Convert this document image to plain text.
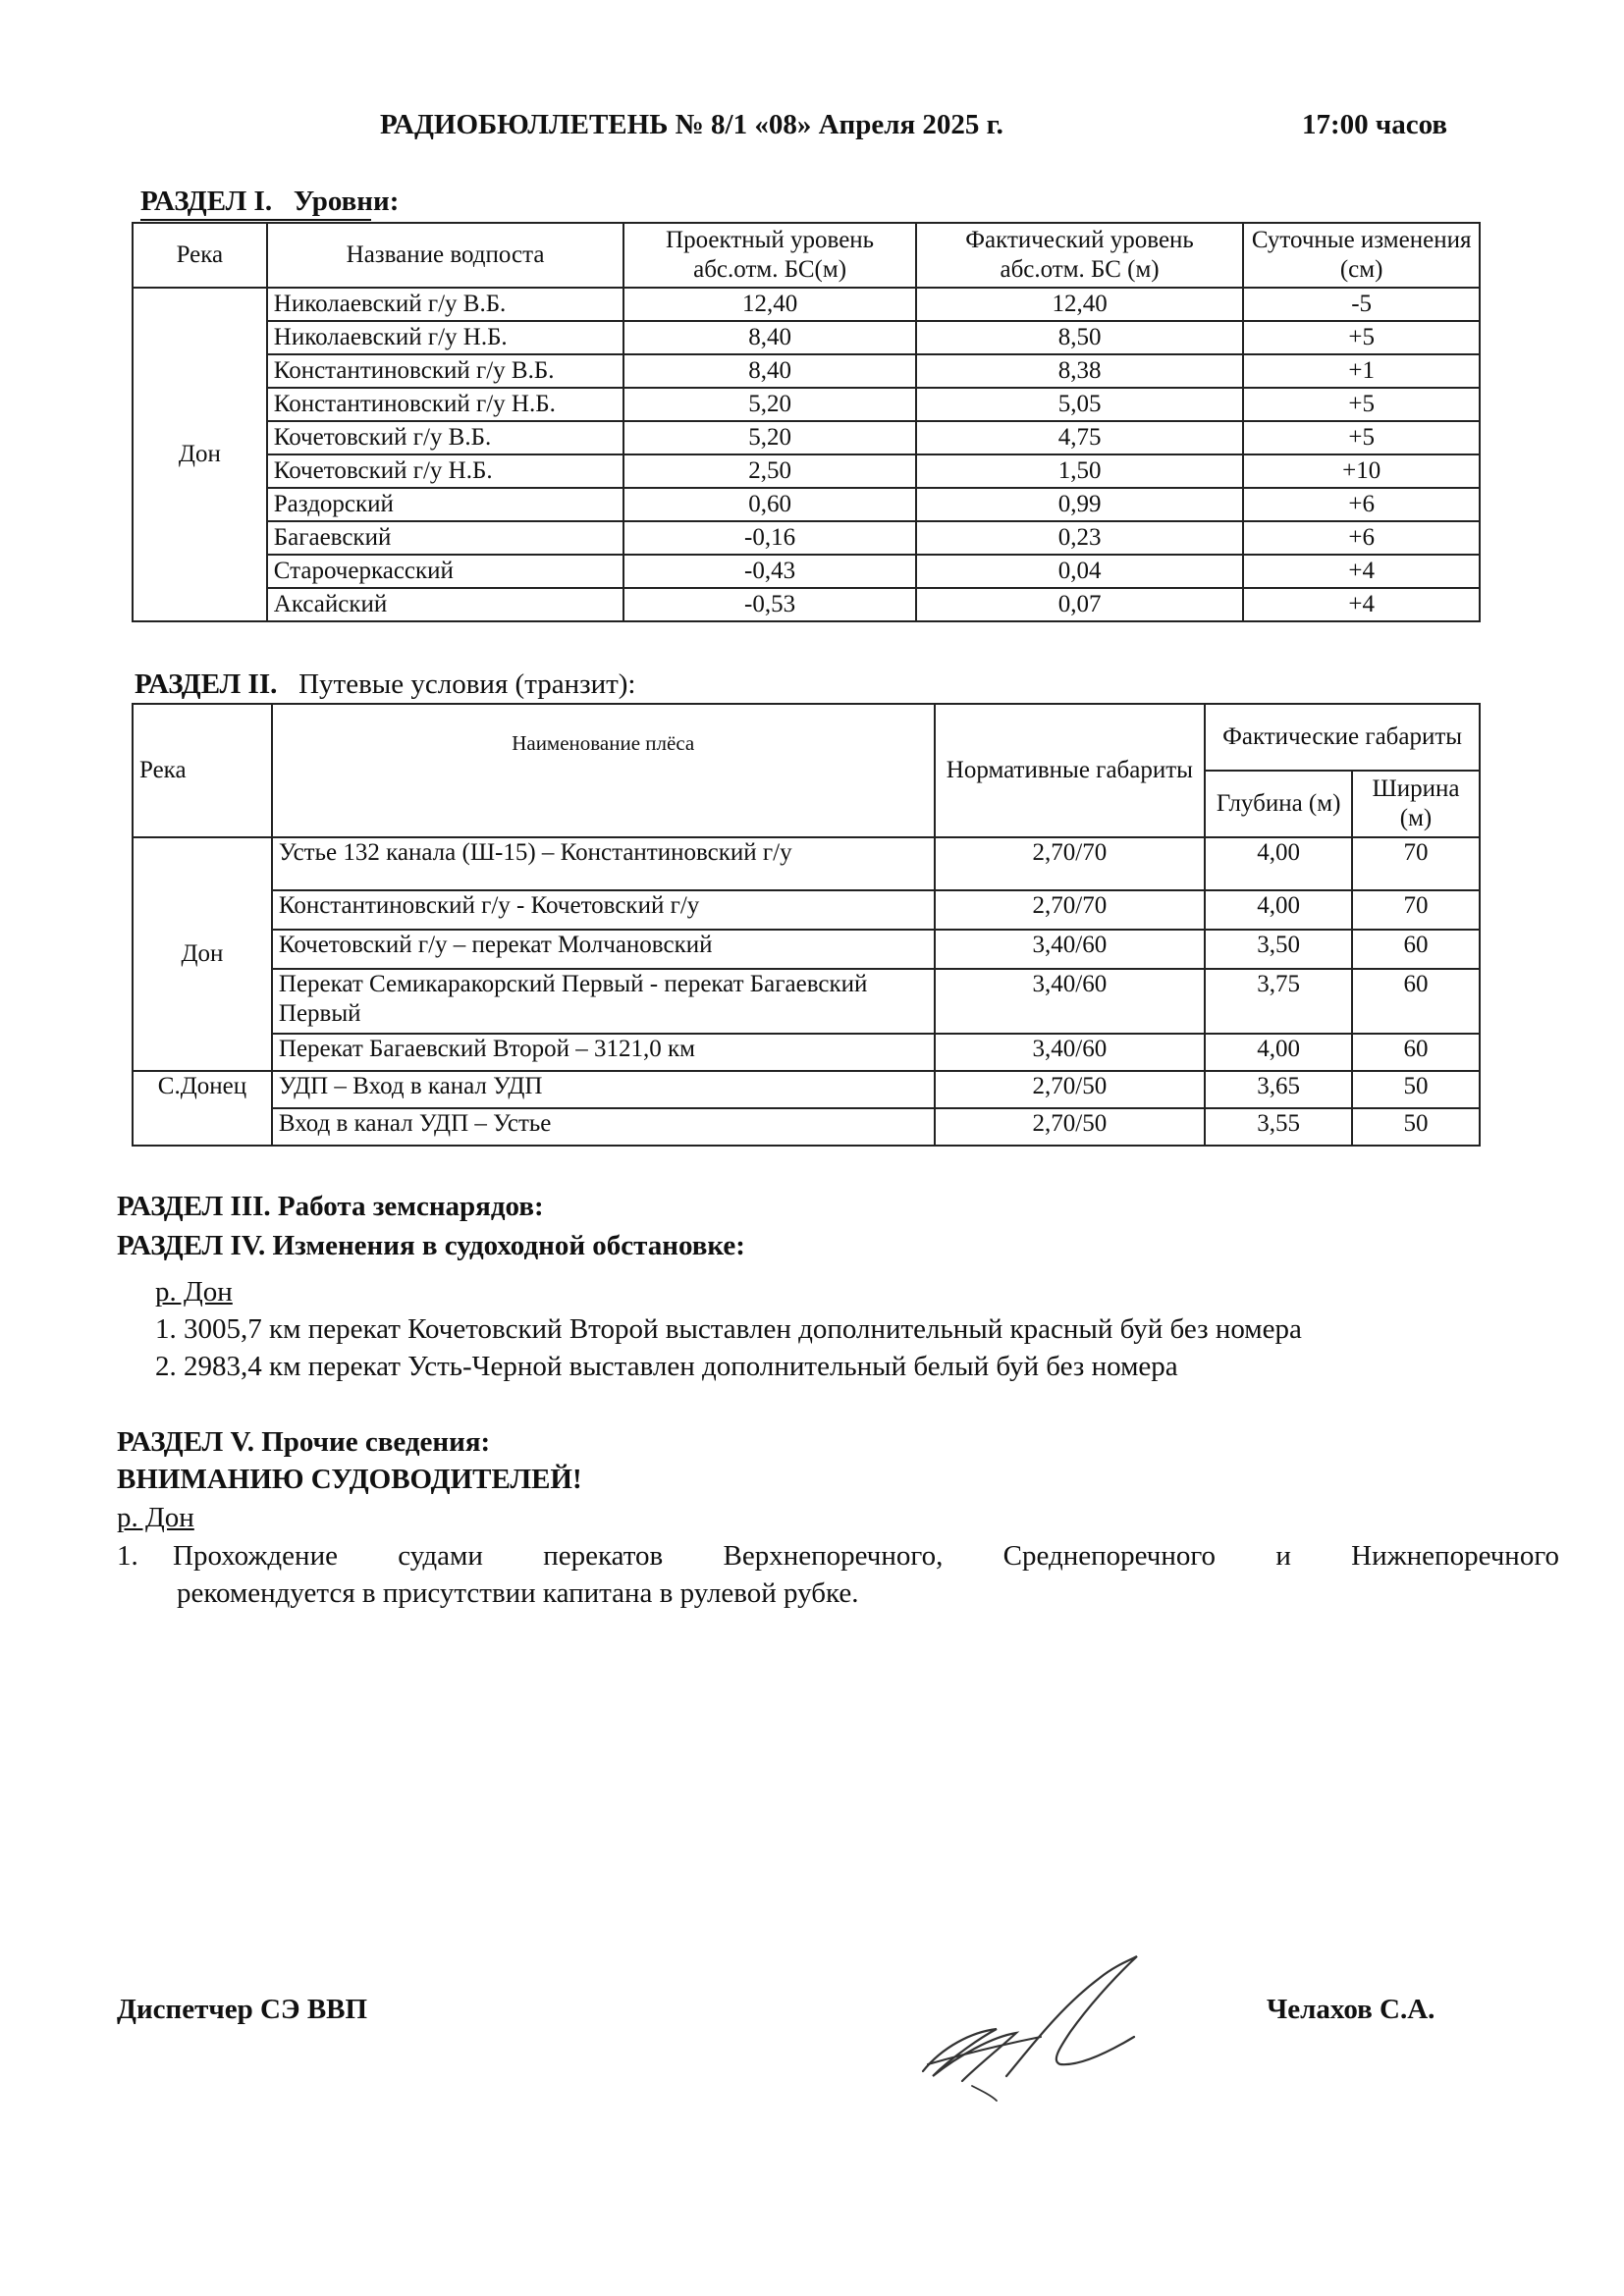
РАДИОБЮЛЛЕТЕНЬ № 8/1 «08» Апреля 2025 г.	17:00 часов
РАЗДЕЛ I. Уровни:
Река	Название водпоста	Проектный уровень абс.отм. БС(м)	Фактический уровень абс.отм. БС (м)	Суточные изменения (см)
Дон	Николаевский г/у В.Б.	12,40	12,40	-5
	Николаевский г/у Н.Б.	8,40	8,50	+5
	Константиновский г/у В.Б.	8,40	8,38	+1
	Константиновский г/у Н.Б.	5,20	5,05	+5
	Кочетовский г/у В.Б.	5,20	4,75	+5
	Кочетовский г/у Н.Б.	2,50	1,50	+10
	Раздорский	0,60	0,99	+6
	Багаевский	-0,16	0,23	+6
	Старочеркасский	-0,43	0,04	+4
	Аксайский	-0,53	0,07	+4
РАЗДЕЛ II. Путевые условия (транзит):
Река	Наименование плёса	Нормативные габариты	Фактические габариты	
			Глубина (м)	Ширина (м)
Дон	Устье 132 канала (Ш-15) – Константиновский г/у	2,70/70	4,00	70
	Константиновский г/у - Кочетовский г/у	2,70/70	4,00	70
	Кочетовский г/у – перекат Молчановский	3,40/60	3,50	60
	Перекат Семикаракорский Первый - перекат Багаевский Первый	3,40/60	3,75	60
	Перекат Багаевский Второй – 3121,0 км	3,40/60	4,00	60
С.Донец	УДП – Вход в канал УДП	2,70/50	3,65	50
	Вход в канал УДП – Устье	2,70/50	3,55	50
РАЗДЕЛ III. Работа земснарядов:
РАЗДЕЛ IV. Изменения в судоходной обстановке:
р. Дон
1. 3005,7 км перекат Кочетовский Второй выставлен дополнительный красный буй без номера
2. 2983,4 км перекат Усть-Черной выставлен дополнительный белый буй без номера
РАЗДЕЛ V. Прочие сведения:
ВНИМАНИЮ СУДОВОДИТЕЛЕЙ!
р. Дон
1. Прохождение судами перекатов Верхнепоречного, Среднепоречного и Нижнепоречного
рекомендуется в присутствии капитана в рулевой рубке.
Диспетчер СЭ ВВП	Челахов С.А.
